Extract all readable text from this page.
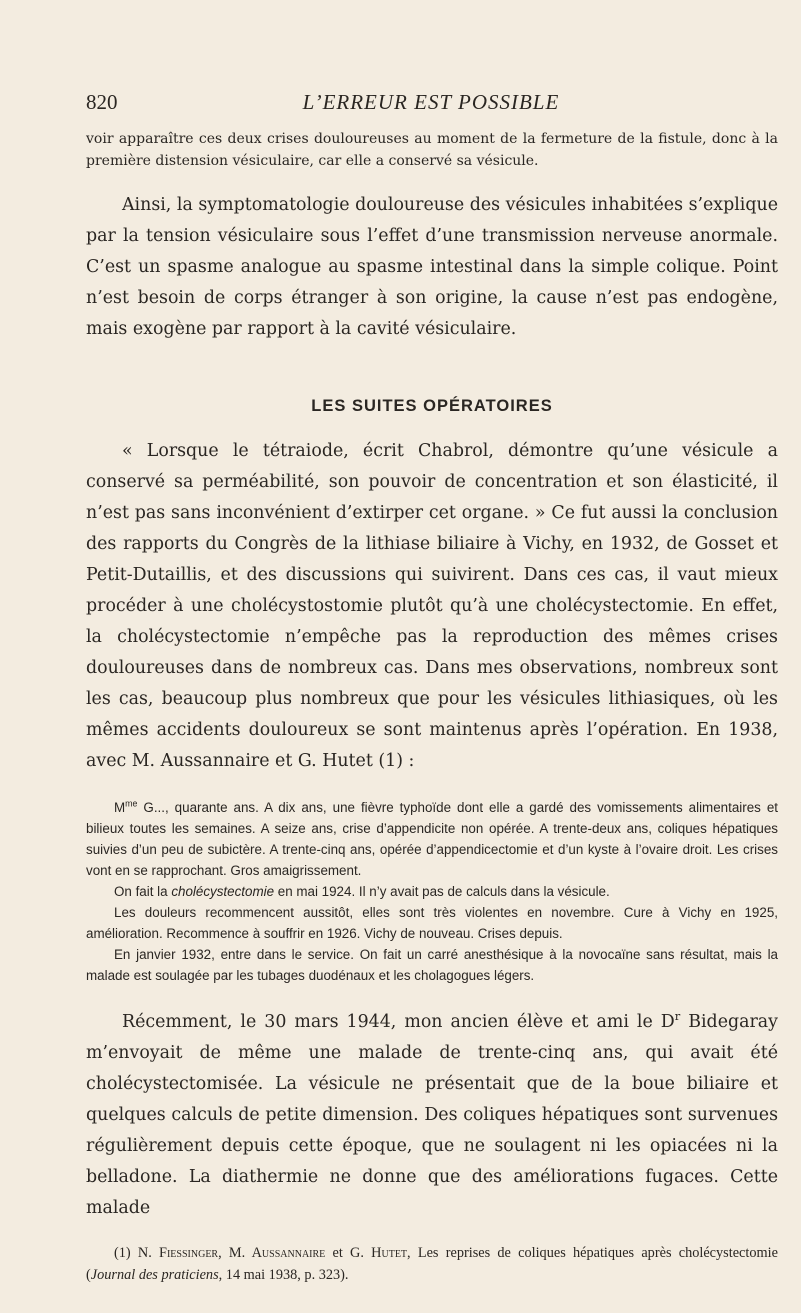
820	L’ERREUR EST POSSIBLE

voir apparaître ces deux crises douloureuses au moment de la fermeture de la fistule, donc à la première distension vésiculaire, car elle a conservé sa vésicule.

Ainsi, la symptomatologie douloureuse des vésicules inhabitées s’explique par la tension vésiculaire sous l’effet d’une transmission nerveuse anormale. C’est un spasme analogue au spasme intestinal dans la simple colique. Point n’est besoin de corps étranger à son origine, la cause n’est pas endogène, mais exogène par rapport à la cavité vésiculaire.

LES SUITES OPÉRATOIRES

« Lorsque le tétraiode, écrit Chabrol, démontre qu’une vésicule a conservé sa perméabilité, son pouvoir de concentration et son élasticité, il n’est pas sans inconvénient d’extirper cet organe. » Ce fut aussi la conclusion des rapports du Congrès de la lithiase biliaire à Vichy, en 1932, de Gosset et Petit-Dutaillis, et des discussions qui suivirent. Dans ces cas, il vaut mieux procéder à une cholécystostomie plutôt qu’à une cholécystectomie. En effet, la cholécystectomie n’empêche pas la reproduction des mêmes crises douloureuses dans de nombreux cas. Dans mes observations, nombreux sont les cas, beaucoup plus nombreux que pour les vésicules lithiasiques, où les mêmes accidents douloureux se sont maintenus après l’opération. En 1938, avec M. Aussannaire et G. Hutet (1) :

$M^{me}$ G..., quarante ans. A dix ans, une fièvre typhoïde dont elle a gardé des vomissements alimentaires et bilieux toutes les semaines. A seize ans, crise d’appendicite non opérée. A trente-deux ans, coliques hépatiques suivies d’un peu de subictère. A trente-cinq ans, opérée d’appendicectomie et d’un kyste à l’ovaire droit. Les crises vont en se rapprochant. Gros amaigrissement.

On fait la cholécystectomie en mai 1924. Il n’y avait pas de calculs dans la vésicule.

Les douleurs recommencent aussitôt, elles sont très violentes en novembre. Cure à Vichy en 1925, amélioration. Recommence à souffrir en 1926. Vichy de nouveau. Crises depuis.

En janvier 1932, entre dans le service. On fait un carré anesthésique à la novocaïne sans résultat, mais la malade est soulagée par les tubages duodénaux et les cholagogues légers.

Récemment, le 30 mars 1944, mon ancien élève et ami le $D^r$ Bidegaray m’envoyait de même une malade de trente-cinq ans, qui avait été cholécystectomisée. La vésicule ne présentait que de la boue biliaire et quelques calculs de petite dimension. Des coliques hépatiques sont survenues régulièrement depuis cette époque, que ne soulagent ni les opiacées ni la belladone. La diathermie ne donne que des améliorations fugaces. Cette malade

(1) N. Fiessinger, M. Aussannaire et G. Hutet, Les reprises de coliques hépatiques après cholécystectomie (Journal des praticiens, 14 mai 1938, p. 323).
